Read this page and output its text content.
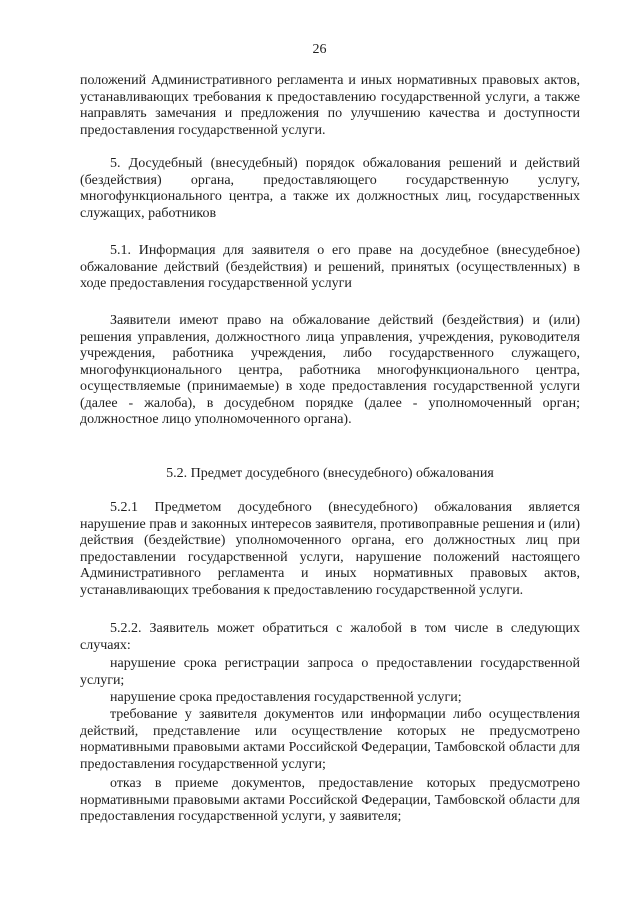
26

положений Административного регламента и иных нормативных правовых актов, устанавливающих требования к предоставлению государственной услуги, а также направлять замечания и предложения по улучшению качества и доступности предоставления государственной услуги.

5. Досудебный (внесудебный) порядок обжалования решений и действий (бездействия) органа, предоставляющего государственную услугу, многофункционального центра, а также их должностных лиц, государственных служащих, работников

5.1. Информация для заявителя о его праве на досудебное (внесудебное) обжалование действий (бездействия) и решений, принятых (осуществленных) в ходе предоставления государственной услуги

Заявители имеют право на обжалование действий (бездействия) и (или) решения управления, должностного лица управления, учреждения, руководителя учреждения, работника учреждения, либо государственного служащего, многофункционального центра, работника многофункционального центра, осуществляемые (принимаемые) в ходе предоставления государственной услуги (далее - жалоба), в досудебном порядке (далее - уполномоченный орган; должностное лицо уполномоченного органа).

5.2. Предмет досудебного (внесудебного) обжалования

5.2.1 Предметом досудебного (внесудебного) обжалования является нарушение прав и законных интересов заявителя, противоправные решения и (или) действия (бездействие) уполномоченного органа, его должностных лиц при предоставлении государственной услуги, нарушение положений настоящего Административного регламента и иных нормативных правовых актов, устанавливающих требования к предоставлению государственной услуги.

5.2.2. Заявитель может обратиться с жалобой в том числе в следующих случаях:

нарушение срока регистрации запроса о предоставлении государственной услуги;

нарушение срока предоставления государственной услуги;

требование у заявителя документов или информации либо осуществления действий, представление или осуществление которых не предусмотрено нормативными правовыми актами Российской Федерации, Тамбовской области для предоставления государственной услуги;

отказ в приеме документов, предоставление которых предусмотрено нормативными правовыми актами Российской Федерации, Тамбовской области для предоставления государственной услуги, у заявителя;
